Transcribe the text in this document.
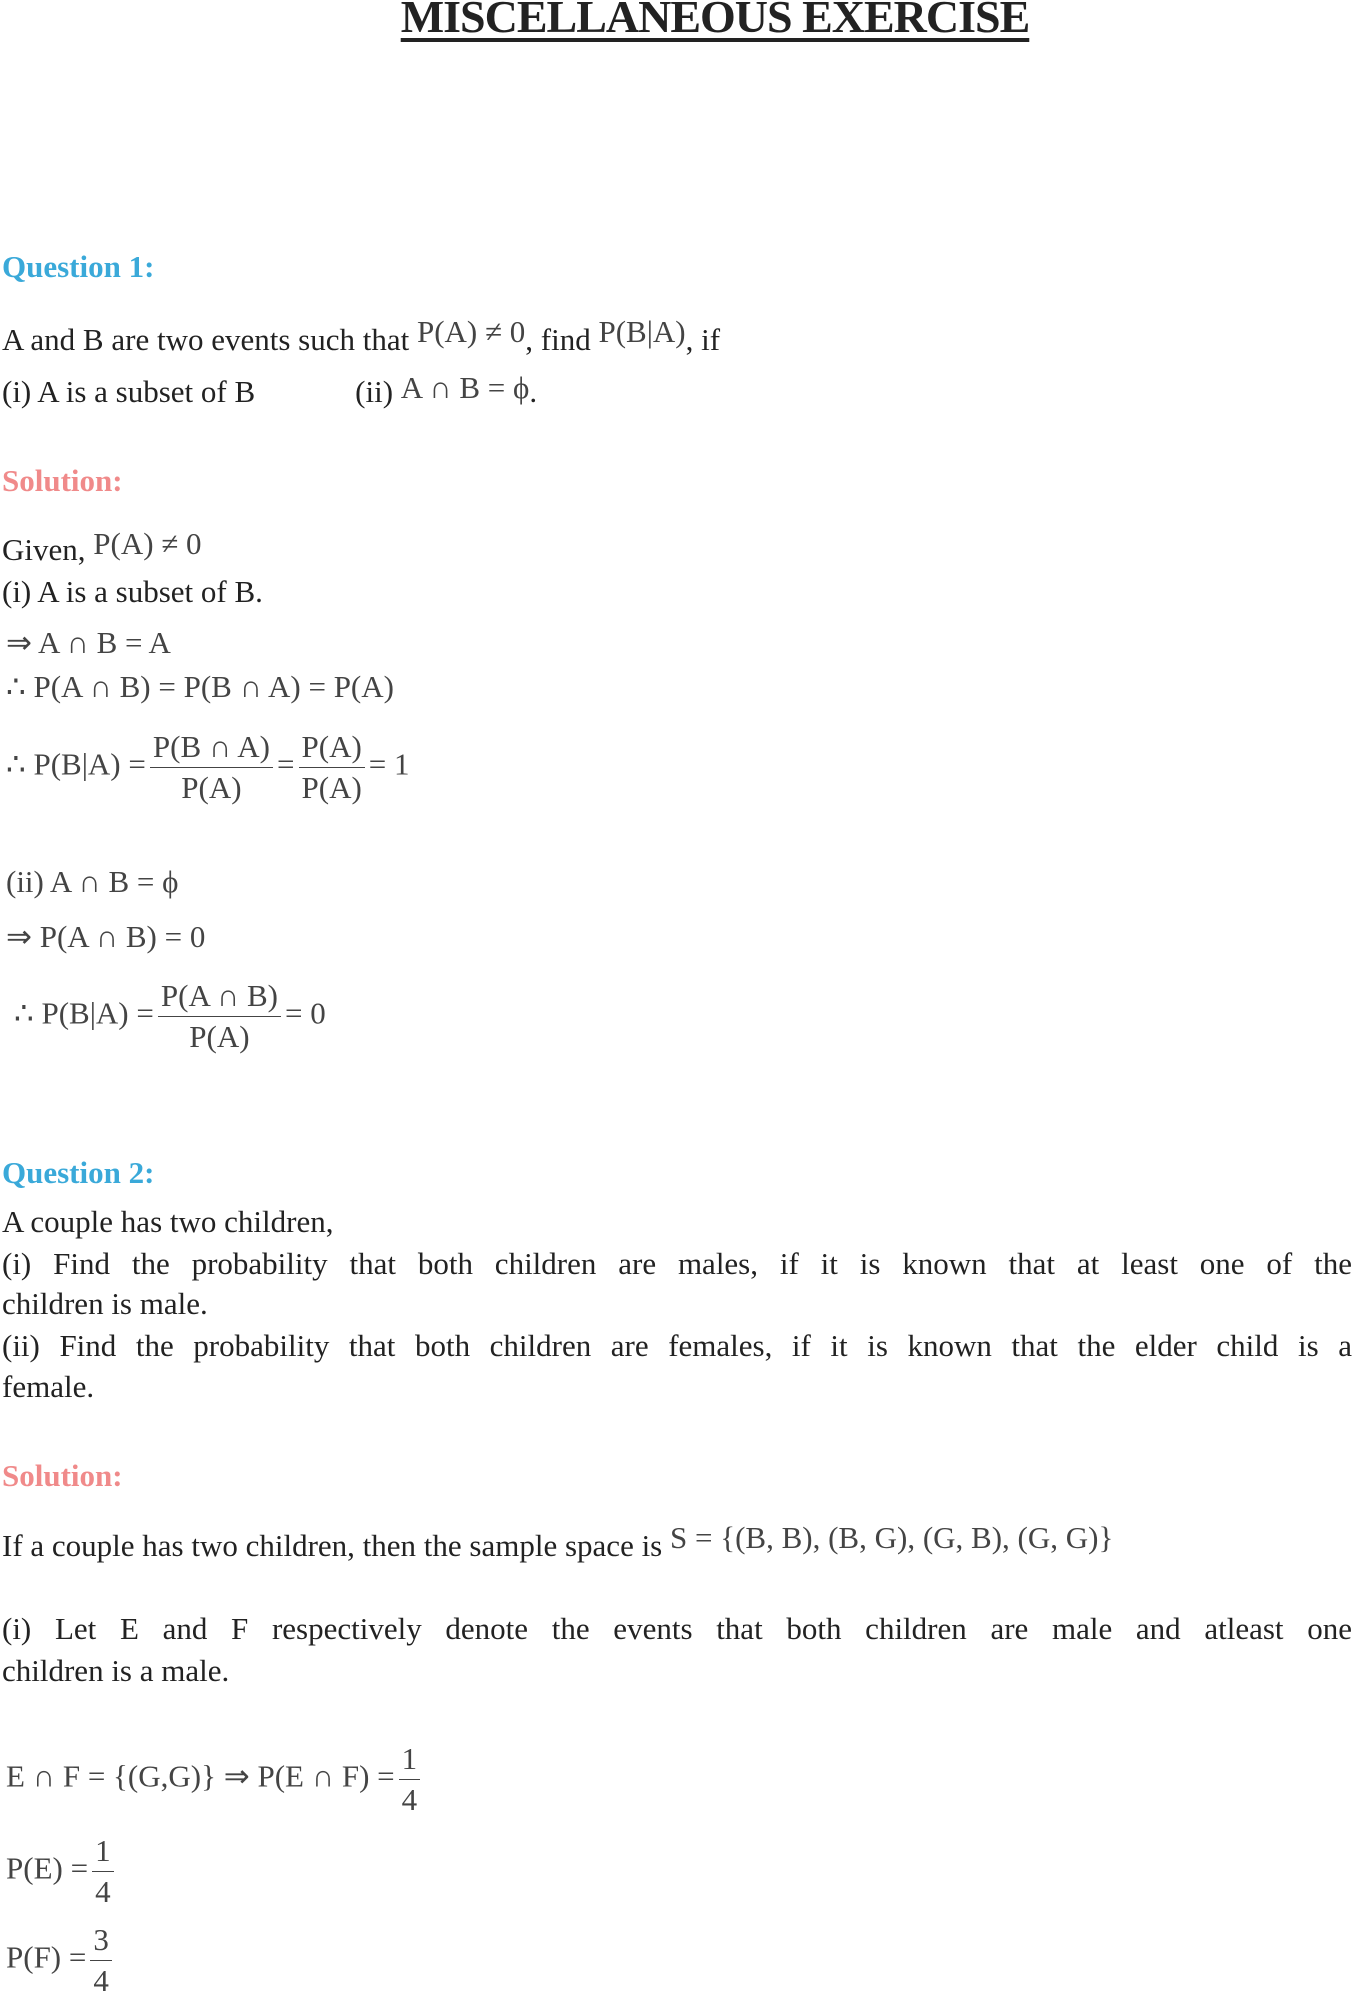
MISCELLANEOUS EXERCISE
Question 1:
A and B are two events such that P(A) ≠ 0, find P(B|A), if
(i) A is a subset of B	(ii) A ∩ B = ϕ.
Solution:
Given, P(A) ≠ 0
(i) A is a subset of B.
⇒ A ∩ B = A
∴ P(A ∩ B) = P(B ∩ A) = P(A)
∴ $P(B|A) = \frac{P(B \cap A)}{P(A)} = \frac{P(A)}{P(A)} = 1$
(ii) A ∩ B = ϕ
⇒ P(A ∩ B) = 0
∴ $P(B|A) = \frac{P(A \cap B)}{P(A)} = 0$
Question 2:
A couple has two children,
(i) Find the probability that both children are males, if it is known that at least one of the
children is male.
(ii) Find the probability that both children are females, if it is known that the elder child is a
female.
Solution:
If a couple has two children, then the sample space is S = {(B, B), (B, G), (G, B), (G, G)}
(i) Let E and F respectively denote the events that both children are male and atleast one
children is a male.
E ∩ F = {(G,G)} ⇒ P(E ∩ $F) = \frac{1}{4}$
$P(E) = \frac{1}{4}$
$P(F) = \frac{3}{4}$
